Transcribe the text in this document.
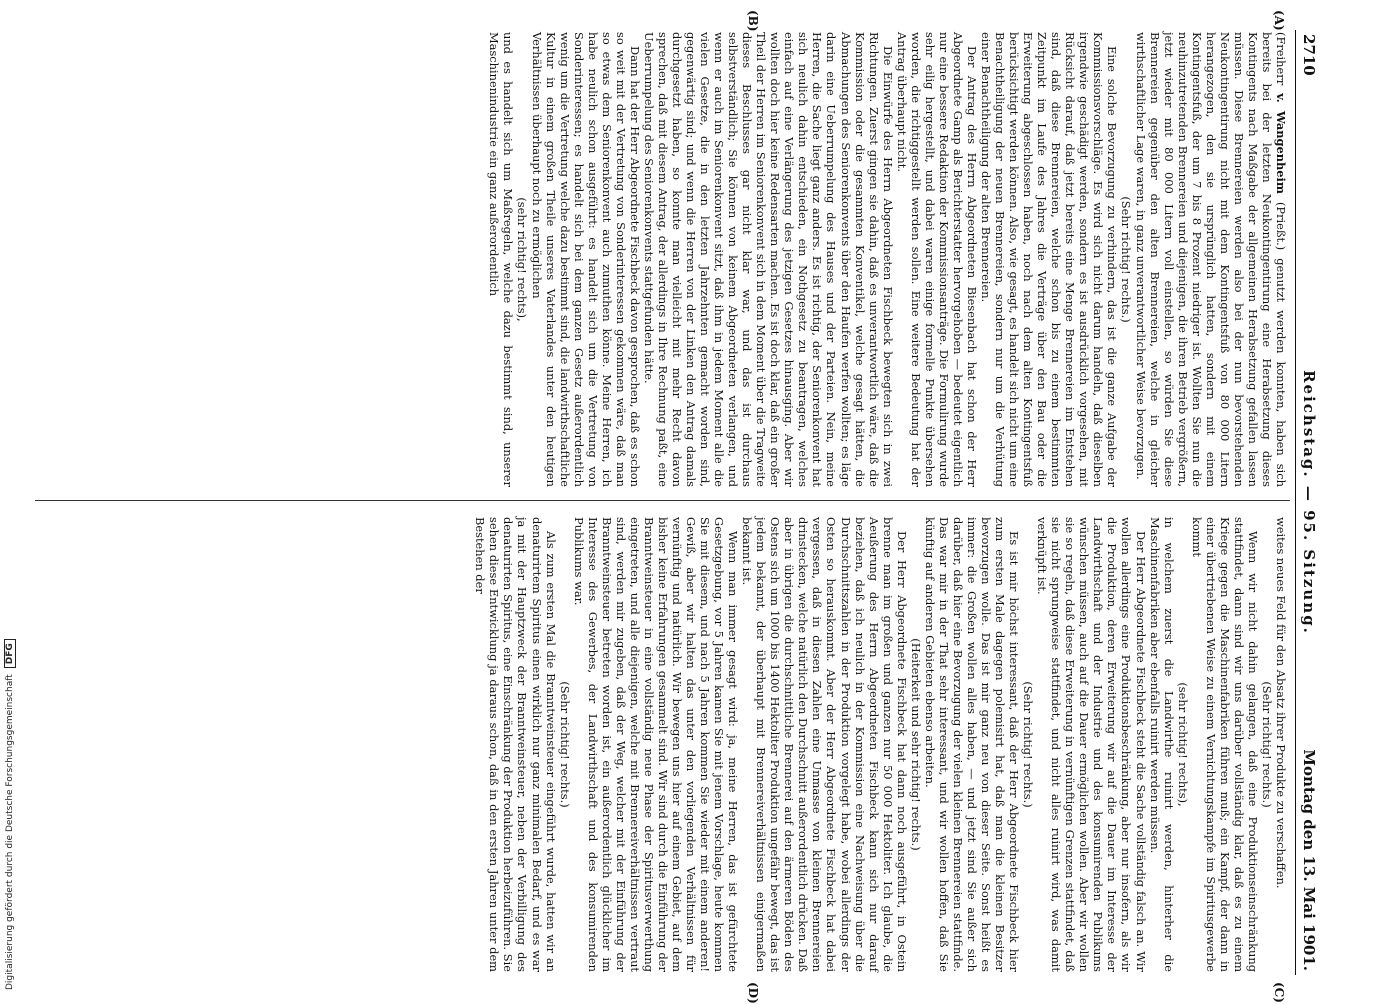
Digitalisierung gefördert durch die Deutsche ForschungsgemeinschaftDFG
2710
Reichstag. — 95. Sitzung.
Montag den 13. Mai 1901.
(A)
(B)
(C)
(D)

(Freiherr v. Wangenheim (Prießt.) genutzt werden konnten, haben sich bereits bei der letzten Neukontingentirung eine Herabsetzung dieses Kontingents nach Maßgabe der allgemeinen Herabsetzung gefallen lassen müssen. Diese Brennereien werden also bei der nun bevorstehenden Neukontingentirung nicht mit dem Kontingentsfuß von 80 000 Litern herangezogen, den sie ursprünglich hatten, sondern mit einem Kontingentsfuß, der um 7 bis 8 Prozent niedriger ist. Wollten Sie nun die neuhinzutretenden Brennereien und diejenigen, die ihren Betrieb vergrößern, jetzt wieder mit 80 000 Litern voll einstellen, so würden Sie diese Brennereien gegenüber den alten Brennereien, welche in gleicher wirthschaftlicher Lage waren, in ganz unverantwortlicher Weise bevorzugen.

(Sehr richtig! rechts.)

Eine solche Bevorzugung zu verhindern, das ist die ganze Aufgabe der Kommissionsvorschläge. Es wird sich nicht darum handeln, daß dieselben irgendwie geschädigt werden, sondern es ist ausdrücklich vorgesehen, mit Rücksicht darauf, daß jetzt bereits eine Menge Brennereien im Entstehen sind, daß diese Brennereien, welche schon bis zu einem bestimmten Zeitpunkt im Laufe des Jahres die Verträge über den Bau oder die Erweiterung abgeschlossen haben, noch nach dem alten Kontingentsfuß berücksichtigt werden können. Also, wie gesagt, es handelt sich nicht um eine Benachtheiligung der neuen Brennereien, sondern nur um die Verhütung einer Benachtheiligung der alten Brennereien.

Der Antrag des Herrn Abgeordneten Biesenbach hat schon der Herr Abgeordnete Gamp als Berichterstatter hervorgehoben — bedeutet eigentlich nur eine bessere Redaktion der Kommissionsanträge. Die Formulirung wurde sehr eilig hergestellt, und dabei waren einige formelle Punkte übersehen worden, die richtiggestellt werden sollen. Eine weitere Bedeutung hat der Antrag überhaupt nicht.

Die Einwürfe des Herrn Abgeordneten Fischbeck bewegten sich in zwei Richtungen. Zuerst gingen sie dahin, daß es unverantwortlich wäre, daß die Kommission oder die gesammten Konventikel, welche gesagt hätten, die Abmachungen des Seniorenkonvents über den Haufen werfen wollten; es läge darin eine Ueberrumpelung des Hauses und der Parteien. Nein, meine Herren, die Sache liegt ganz anders. Es ist richtig, der Seniorenkonvent hat sich neulich dahin entschieden, ein Nothgesetz zu beantragen, welches einfach auf eine Verlängerung des jetzigen Gesetzes hinausging. Aber wir wollten doch hier keine Redensarten machen. Es ist doch klar, daß ein großer Theil der Herren im Seniorenkonvent sich in dem Moment über die Tragweite dieses Beschlusses gar nicht klar war, und das ist durchaus selbstverständlich; Sie können von keinem Abgeordneten verlangen, und wenn er auch im Seniorenkonvent sitzt, daß ihm in jedem Moment alle die vielen Gesetze, die in den letzten Jahrzehnten gemacht worden sind, gegenwärtig sind; und wenn die Herren von der Linken den Antrag damals durchgesetzt haben, so konnte man vielleicht mit mehr Recht davon sprechen, daß mit diesem Antrag, der allerdings in Ihre Rechnung paßt, eine Ueberrumpelung des Seniorenkonvents stattgefunden hätte.

Dann hat der Herr Abgeordnete Fischbeck davon gesprochen, daß es schon so weit mit der Vertretung von Sonderinteressen gekommen wäre, daß man so etwas dem Seniorenkonvent auch zumuthen könne. Meine Herren, ich habe neulich schon ausgeführt: es handelt sich um die Vertretung von Sonderinteressen; es handelt sich bei dem ganzen Gesetz außerordentlich wenig um die Vertretung welche dazu bestimmt sind, die landwirthschaftliche Kultur in einem großen Theile unseres Vaterlandes unter den heutigen Verhältnissen überhaupt noch zu ermöglichen

(sehr richtig! rechts),

und es handelt sich um Maßregeln, welche dazu bestimmt sind, unserer Maschinenindustrie ein ganz außerordentlich

weites neues Feld für den Absatz ihrer Produkte zu verschaffen.

(Sehr richtig! rechts.)

Wenn wir nicht dahin gelangen, daß eine Produktionseinschränkung stattfindet, dann sind wir uns darüber vollständig klar, daß es zu einem Kriege gegen die Maschinenfabriken führen muß; ein Kampf, der dann in einer übertriebenen Weise zu einem Vernichtungskampfe im Spiritusgewerbe kommt

(sehr richtig! rechts),

in welchem zuerst die Landwirthe ruinirt werden, hinterher die Maschinenfabriken aber ebenfalls ruinirt werden müssen.

Der Herr Abgeordnete Fischbeck steht die Sache vollständig falsch an. Wir wollen allerdings eine Produktionsbeschränkung, aber nur insofern, als wir die Produktion, deren Erweiterung wir auf die Dauer im Interesse der Landwirthschaft und der Industrie und des konsumirenden Publikums wünschen müssen, auch auf die Dauer ermöglichen wollen. Aber wir wollen sie so regeln, daß diese Erweiterung in vernünftigen Grenzen stattfindet, daß sie nicht sprungweise stattfindet, und nicht alles ruinirt wird, was damit verknüpft ist.

(Sehr richtig! rechts.)

Es ist mir höchst interessant, daß der Herr Abgeordnete Fischbeck hier zum ersten Male dagegen polemisirt hat, daß man die kleinen Besitzer bevorzugen wolle. Das ist mir ganz neu von dieser Seite. Sonst heißt es immer: die Großen wollen alles haben, — und jetzt sind Sie außer sich darüber, daß hier eine Bevorzugung der vielen kleinen Brennereien stattfinde. Das war mir in der That sehr interessant, und wir wollen hoffen, daß Sie künftig auf anderen Gebieten ebenso arbeiten.

(Heiterkeit und sehr richtig! rechts.)

Der Herr Abgeordnete Fischbeck hat dann noch ausgeführt, in Ostein brenne man im großen und ganzen nur 50 000 Hektoliter. Ich glaube, die Aeußerung des Herrn Abgeordneten Fischbeck kann sich nur darauf beziehen, daß ich neulich in der Kommission eine Nachweisung über die Durchschnittszahlen in der Produktion vorgelegt habe, wobei allerdings der Osten so herauskommt. Aber der Herr Abgeordnete Fischbeck hat dabei vergessen, daß in diesen Zahlen eine Unmasse von kleinen Brennereien drinstecken, welche natürlich den Durchschnitt außerordentlich drücken. Daß aber in übrigen die durchschnittliche Brennerei auf den ärmeren Böden des Ostens sich um 1000 bis 1400 Hektoliter Produktion ungefähr bewegt, das ist jedem bekannt, der überhaupt mit Brennereiverhältnissen einigermaßen bekannt ist.

Wenn man immer gesagt wird: ja, meine Herren, das ist gefürchtete Gesetzgebung, vor 5 Jahren kamen Sie mit jenem Vorschlage, heute kommen Sie mit diesem, und nach 5 Jahren kommen Sie wieder mit einem anderen! Gewiß, aber wir halten das unter den vorliegenden Verhältnissen für vernünftig und natürlich. Wir bewegen uns hier auf einem Gebiet, auf dem bisher keine Erfahrungen gesammelt sind. Wir sind durch die Einführung der Branntweinsteuer in eine vollständig neue Phase der Spiritusverwerthung eingetreten, und alle diejenigen, welche mit Brennereiverhältnissen vertraut sind, werden mir zugeben, daß der Weg, welcher mit der Einführung der Branntweinsteuer betreten worden ist, ein außerordentlich glücklicher im Interesse des Gewerbes, der Landwirthschaft und des konsumirenden Publikums war.

(Sehr richtig! rechts.)

Als zum ersten Mal die Branntweinsteuer eingeführt wurde, hatten wir an denaturirtem Spiritus einen wirklich nur ganz minimalen Bedarf, und es war ja mit der Hauptzweck der Branntweinsteuer, neben der Verbilligung des denaturirten Spiritus, eine Einschränkung der Produktion herbeizuführen. Sie sehen diese Entwicklung ja daraus schon, daß in den ersten Jahren unter dem Bestehen der
